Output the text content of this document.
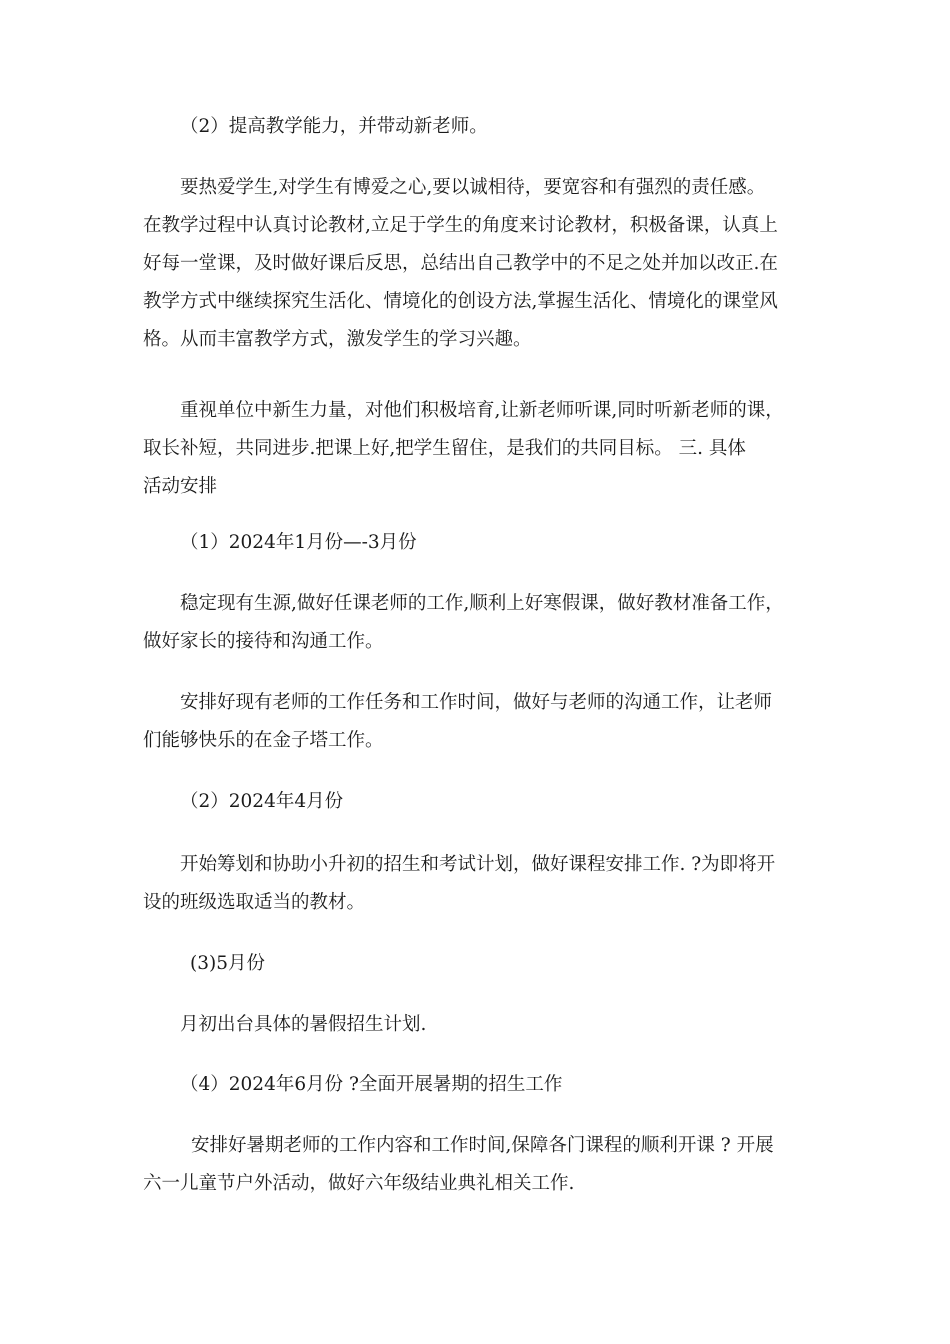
（2）提高教学能力，并带动新老师。

要热爱学生,对学生有博爱之心,要以诚相待，要宽容和有强烈的责任感。
在教学过程中认真讨论教材,立足于学生的角度来讨论教材，积极备课，认真上
好每一堂课，及时做好课后反思，总结出自己教学中的不足之处并加以改正.在
教学方式中继续探究生活化、情境化的创设方法,掌握生活化、情境化的课堂风
格。从而丰富教学方式，激发学生的学习兴趣。
重视单位中新生力量，对他们积极培育,让新老师听课,同时听新老师的课，
取长补短，共同进步.把课上好,把学生留住，是我们的共同目标。 三. 具体
活动安排

（1）2024年1月份—-3月份

稳定现有生源,做好任课老师的工作,顺利上好寒假课，做好教材准备工作，
做好家长的接待和沟通工作。
安排好现有老师的工作任务和工作时间，做好与老师的沟通工作，让老师
们能够快乐的在金子塔工作。

（2）2024年4月份

开始筹划和协助小升初的招生和考试计划，做好课程安排工作. ?为即将开
设的班级选取适当的教材。

(3)5月份

月初出台具体的暑假招生计划.

（4）2024年6月份 ?全面开展暑期的招生工作

安排好暑期老师的工作内容和工作时间,保障各门课程的顺利开课 ? 开展
六一儿童节户外活动，做好六年级结业典礼相关工作.
